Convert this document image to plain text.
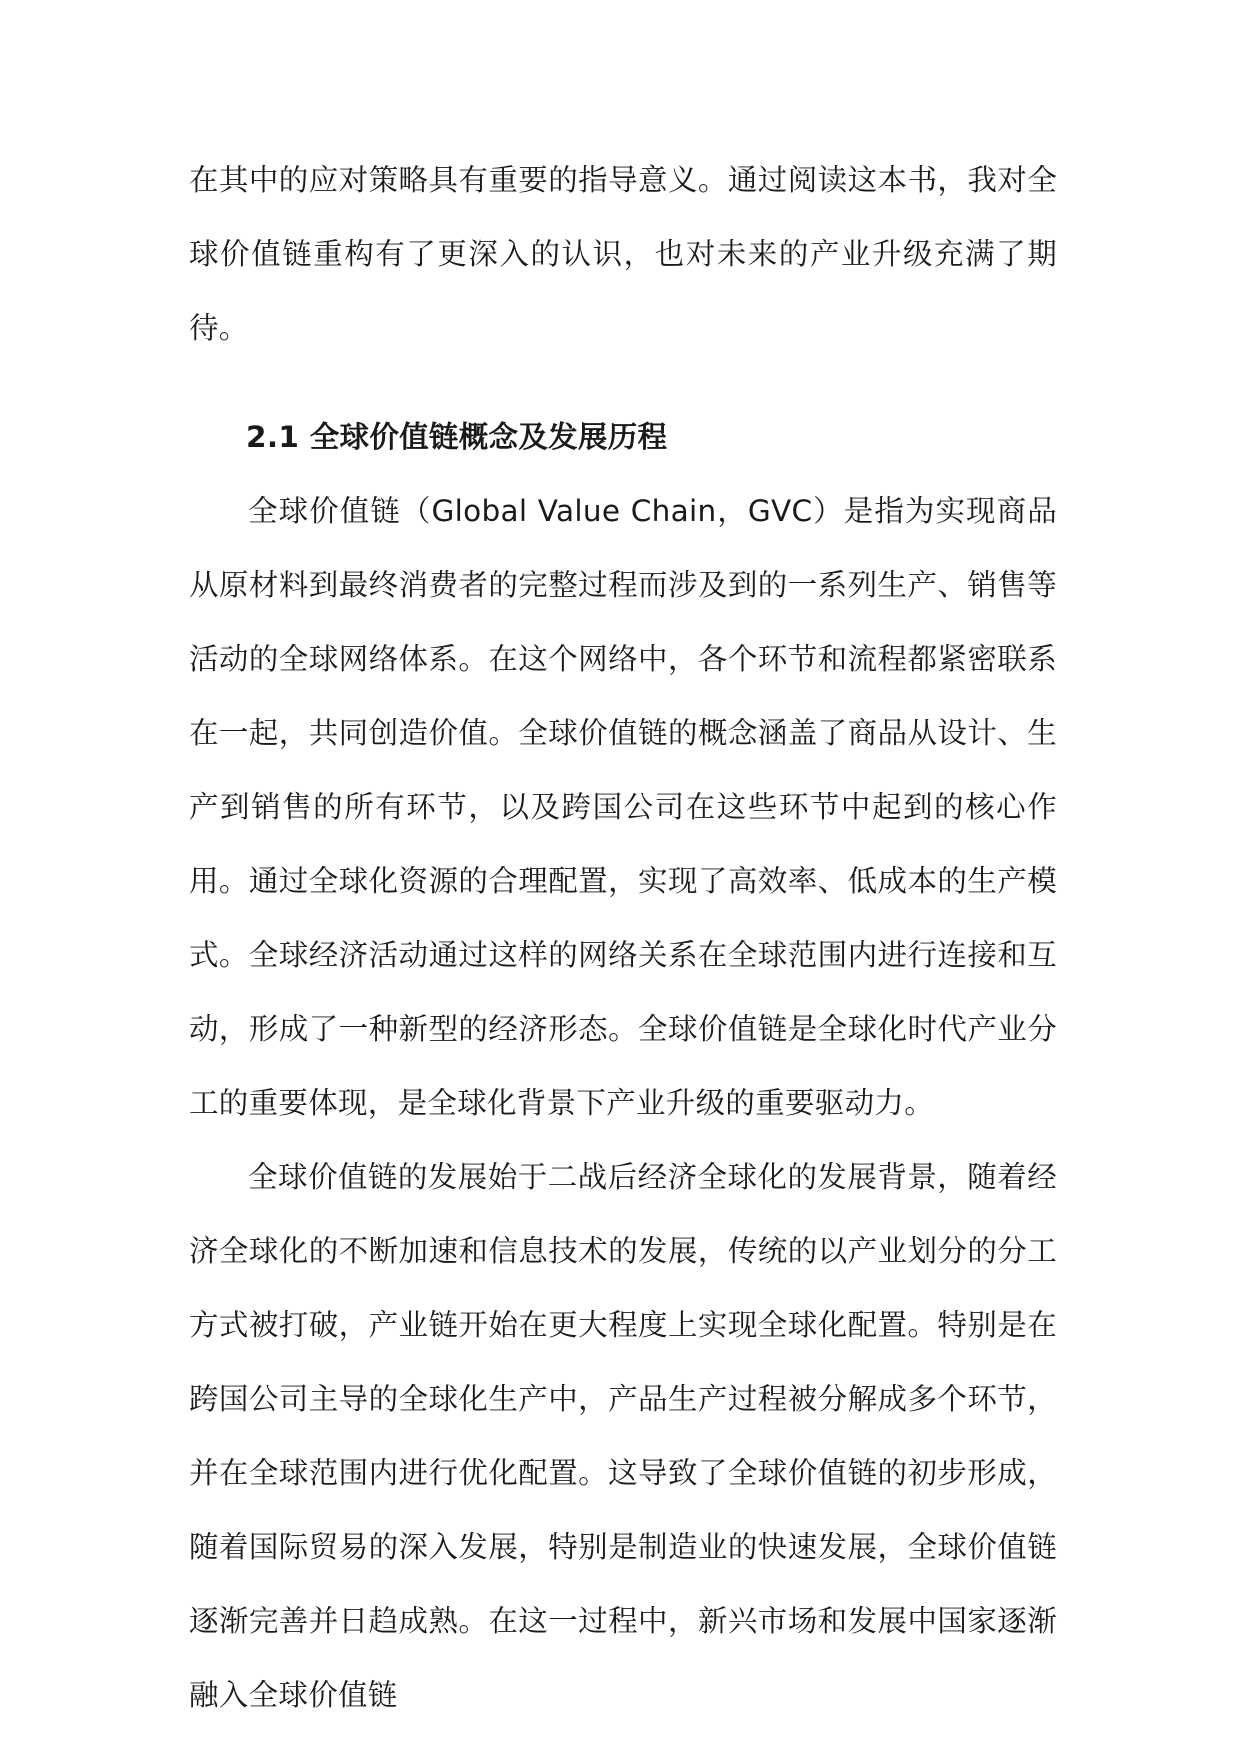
在其中的应对策略具有重要的指导意义。通过阅读这本书，我对全球价值链重构有了更深入的认识，也对未来的产业升级充满了期待。

2.1 全球价值链概念及发展历程

全球价值链（Global Value Chain，GVC）是指为实现商品从原材料到最终消费者的完整过程而涉及到的一系列生产、销售等活动的全球网络体系。在这个网络中，各个环节和流程都紧密联系在一起，共同创造价值。全球价值链的概念涵盖了商品从设计、生产到销售的所有环节，以及跨国公司在这些环节中起到的核心作用。通过全球化资源的合理配置，实现了高效率、低成本的生产模式。全球经济活动通过这样的网络关系在全球范围内进行连接和互动，形成了一种新型的经济形态。全球价值链是全球化时代产业分工的重要体现，是全球化背景下产业升级的重要驱动力。

全球价值链的发展始于二战后经济全球化的发展背景，随着经济全球化的不断加速和信息技术的发展，传统的以产业划分的分工方式被打破，产业链开始在更大程度上实现全球化配置。特别是在跨国公司主导的全球化生产中，产品生产过程被分解成多个环节，并在全球范围内进行优化配置。这导致了全球价值链的初步形成，随着国际贸易的深入发展，特别是制造业的快速发展，全球价值链逐渐完善并日趋成熟。在这一过程中，新兴市场和发展中国家逐渐融入全球价值链
